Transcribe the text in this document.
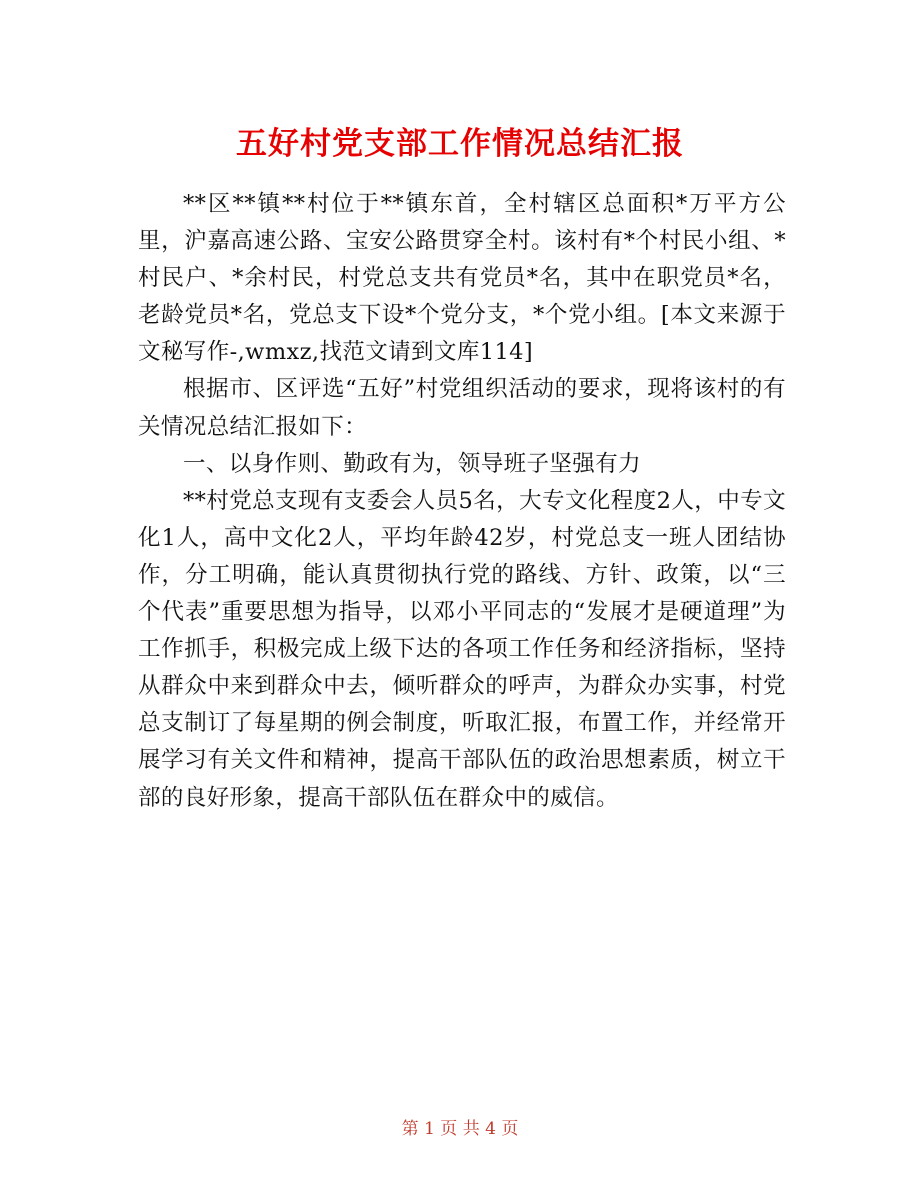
五好村党支部工作情况总结汇报

**区**镇**村位于**镇东首，全村辖区总面积*万平方公里，沪嘉高速公路、宝安公路贯穿全村。该村有*个村民小组、*村民户、*余村民，村党总支共有党员*名，其中在职党员*名，老龄党员*名，党总支下设*个党分支，*个党小组。[本文来源于文秘写作-,wmxz,找范文请到文库114]

根据市、区评选“五好”村党组织活动的要求，现将该村的有关情况总结汇报如下：

一、以身作则、勤政有为，领导班子坚强有力

**村党总支现有支委会人员5名，大专文化程度2人，中专文化1人，高中文化2人，平均年龄42岁，村党总支一班人团结协作，分工明确，能认真贯彻执行党的路线、方针、政策，以“三个代表”重要思想为指导，以邓小平同志的“发展才是硬道理”为工作抓手，积极完成上级下达的各项工作任务和经济指标，坚持从群众中来到群众中去，倾听群众的呼声，为群众办实事，村党总支制订了每星期的例会制度，听取汇报，布置工作，并经常开展学习有关文件和精神，提高干部队伍的政治思想素质，树立干部的良好形象，提高干部队伍在群众中的威信。

第 1 页 共 4 页
